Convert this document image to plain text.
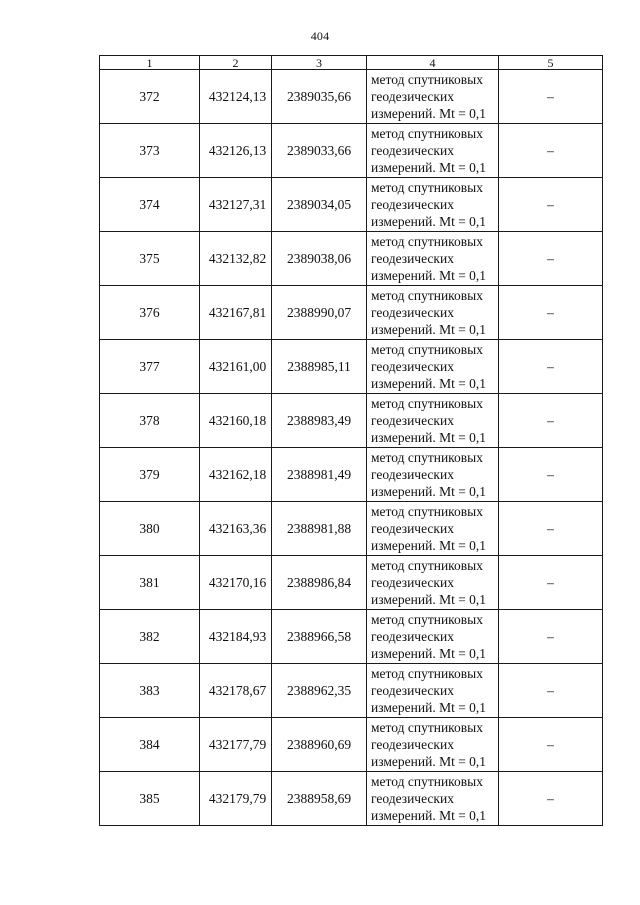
404
1	2	3	4	5
372	432124,13	2389035,66	метод спутниковых
геодезических
измерений. Mt = 0,1	–
373	432126,13	2389033,66	метод спутниковых
геодезических
измерений. Mt = 0,1	–
374	432127,31	2389034,05	метод спутниковых
геодезических
измерений. Mt = 0,1	–
375	432132,82	2389038,06	метод спутниковых
геодезических
измерений. Mt = 0,1	–
376	432167,81	2388990,07	метод спутниковых
геодезических
измерений. Mt = 0,1	–
377	432161,00	2388985,11	метод спутниковых
геодезических
измерений. Mt = 0,1	–
378	432160,18	2388983,49	метод спутниковых
геодезических
измерений. Mt = 0,1	–
379	432162,18	2388981,49	метод спутниковых
геодезических
измерений. Mt = 0,1	–
380	432163,36	2388981,88	метод спутниковых
геодезических
измерений. Mt = 0,1	–
381	432170,16	2388986,84	метод спутниковых
геодезических
измерений. Mt = 0,1	–
382	432184,93	2388966,58	метод спутниковых
геодезических
измерений. Mt = 0,1	–
383	432178,67	2388962,35	метод спутниковых
геодезических
измерений. Mt = 0,1	–
384	432177,79	2388960,69	метод спутниковых
геодезических
измерений. Mt = 0,1	–
385	432179,79	2388958,69	метод спутниковых
геодезических
измерений. Mt = 0,1	–
